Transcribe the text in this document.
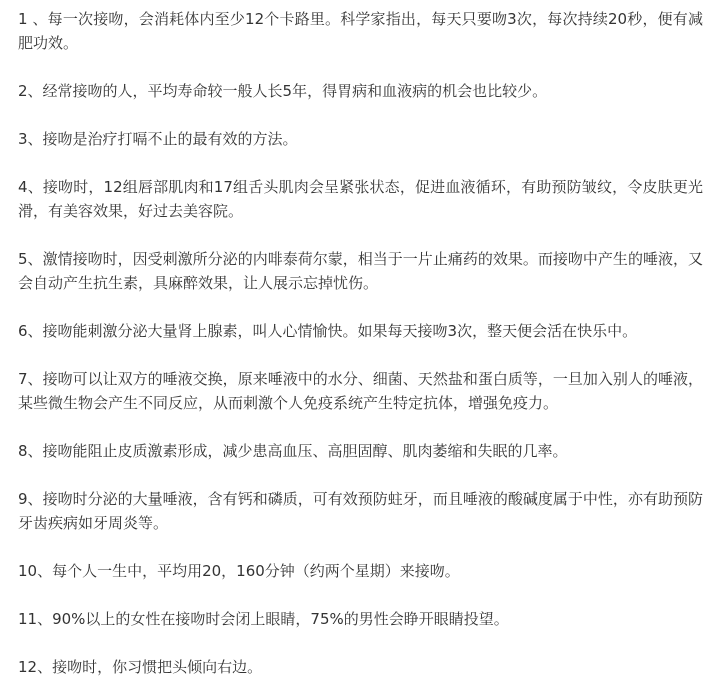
1 、每一次接吻，会消耗体内至少12个卡路里。科学家指出，每天只要吻3次，每次持续20秒，便有减肥功效。

2、经常接吻的人，平均寿命较一般人长5年，得胃病和血液病的机会也比较少。

3、接吻是治疗打嗝不止的最有效的方法。

4、接吻时，12组唇部肌肉和17组舌头肌肉会呈紧张状态，促进血液循环，有助预防皱纹，令皮肤更光滑，有美容效果，好过去美容院。

5、激情接吻时，因受刺激所分泌的内啡泰荷尔蒙，相当于一片止痛药的效果。而接吻中产生的唾液，又会自动产生抗生素，具麻醉效果，让人展示忘掉忧伤。

6、接吻能刺激分泌大量肾上腺素，叫人心情愉快。如果每天接吻3次，整天便会活在快乐中。

7、接吻可以让双方的唾液交换，原来唾液中的水分、细菌、天然盐和蛋白质等，一旦加入别人的唾液，某些微生物会产生不同反应，从而刺激个人免疫系统产生特定抗体，增强免疫力。

8、接吻能阻止皮质激素形成，减少患高血压、高胆固醇、肌肉萎缩和失眠的几率。

9、接吻时分泌的大量唾液，含有钙和磷质，可有效预防蛀牙，而且唾液的酸碱度属于中性，亦有助预防牙齿疾病如牙周炎等。

10、每个人一生中，平均用20，160分钟（约两个星期）来接吻。

11、90%以上的女性在接吻时会闭上眼睛，75%的男性会睁开眼睛投望。

12、接吻时，你习惯把头倾向右边。
